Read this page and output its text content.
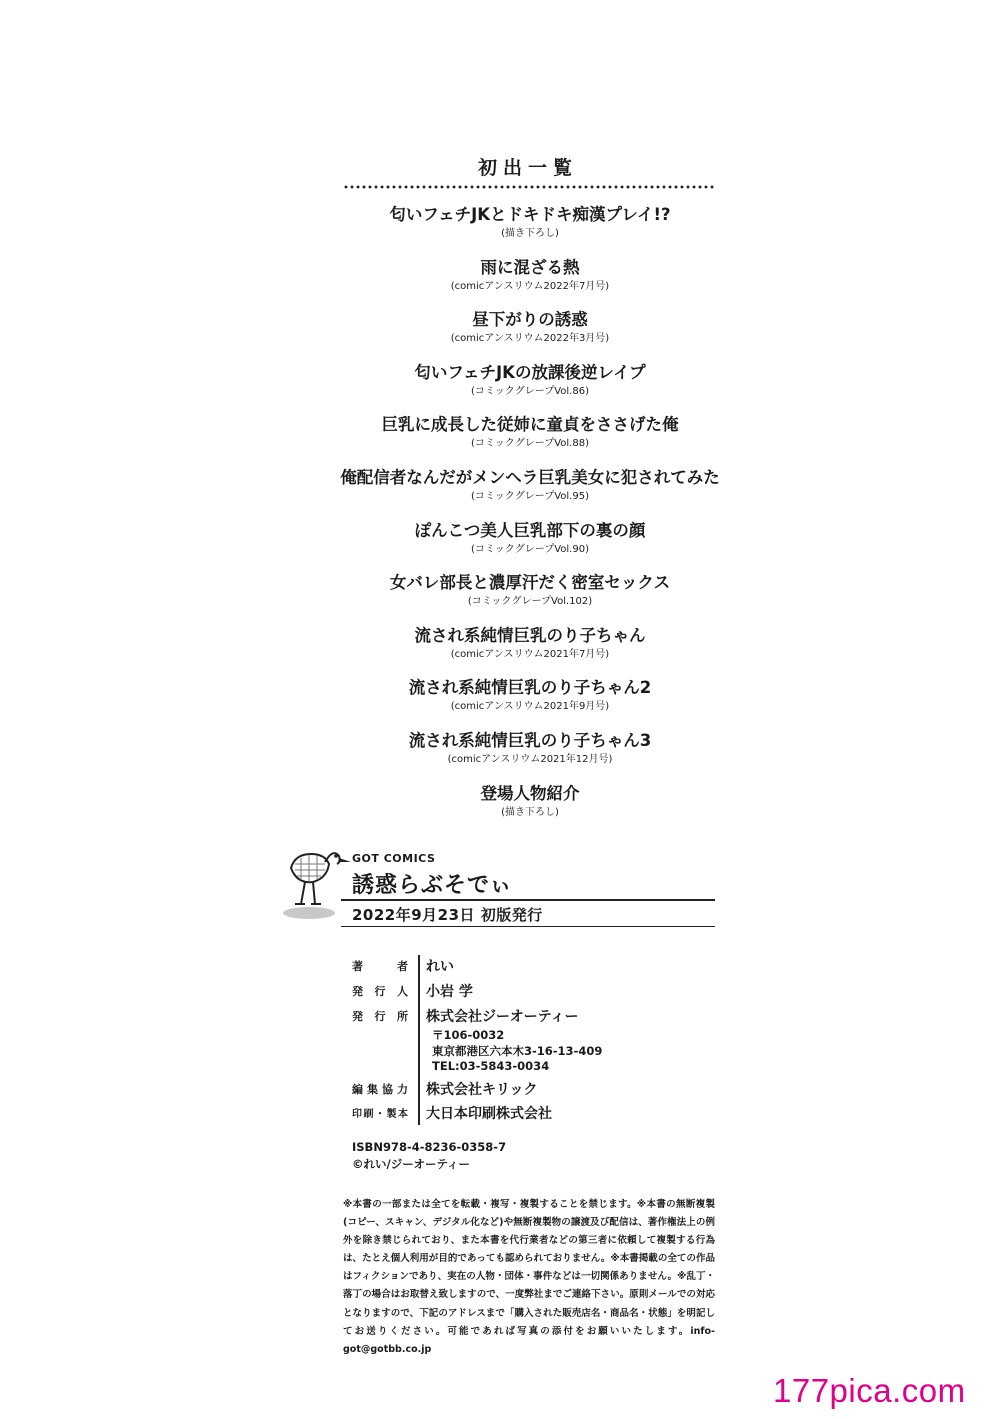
初出一覧
匂いフェチJKとドキドキ痴漢プレイ!?
(描き下ろし)
雨に混ざる熱
(comicアンスリウム2022年7月号)
昼下がりの誘惑
(comicアンスリウム2022年3月号)
匂いフェチJKの放課後逆レイプ
(コミックグレープVol.86)
巨乳に成長した従姉に童貞をささげた俺
(コミックグレープVol.88)
俺配信者なんだがメンヘラ巨乳美女に犯されてみた
(コミックグレープVol.95)
ぽんこつ美人巨乳部下の裏の顔
(コミックグレープVol.90)
女バレ部長と濃厚汗だく密室セックス
(コミックグレープVol.102)
流され系純情巨乳のり子ちゃん
(comicアンスリウム2021年7月号)
流され系純情巨乳のり子ちゃん2
(comicアンスリウム2021年9月号)
流され系純情巨乳のり子ちゃん3
(comicアンスリウム2021年12月号)
登場人物紹介
(描き下ろし)
GOT COMICS
誘惑らぶそでぃ
2022年9月23日 初版発行
著者 れい
発行人 小岩 学
発行所 株式会社ジーオーティー
〒106-0032
東京都港区六本木3-16-13-409
TEL:03-5843-0034
編集協力 株式会社キリック
印刷・製本 大日本印刷株式会社
ISBN978-4-8236-0358-7
©れい/ジーオーティー
※本書の一部または全てを転載・複写・複製することを禁じます。※本書の無断複製(コピー、スキャン、デジタル化など)や無断複製物の譲渡及び配信は、著作権法上の例外を除き禁じられており、また本書を代行業者などの第三者に依頼して複製する行為は、たとえ個人利用が目的であっても認められておりません。※本書掲載の全ての作品はフィクションであり、実在の人物・団体・事件などは一切関係ありません。※乱丁・落丁の場合はお取替え致しますので、一度弊社までご連絡下さい。原則メールでの対応となりますので、下記のアドレスまで「購入された販売店名・商品名・状態」を明記してお送りください。可能であれば写真の添付をお願いいたします。info-got@gotbb.co.jp
177pica.com
